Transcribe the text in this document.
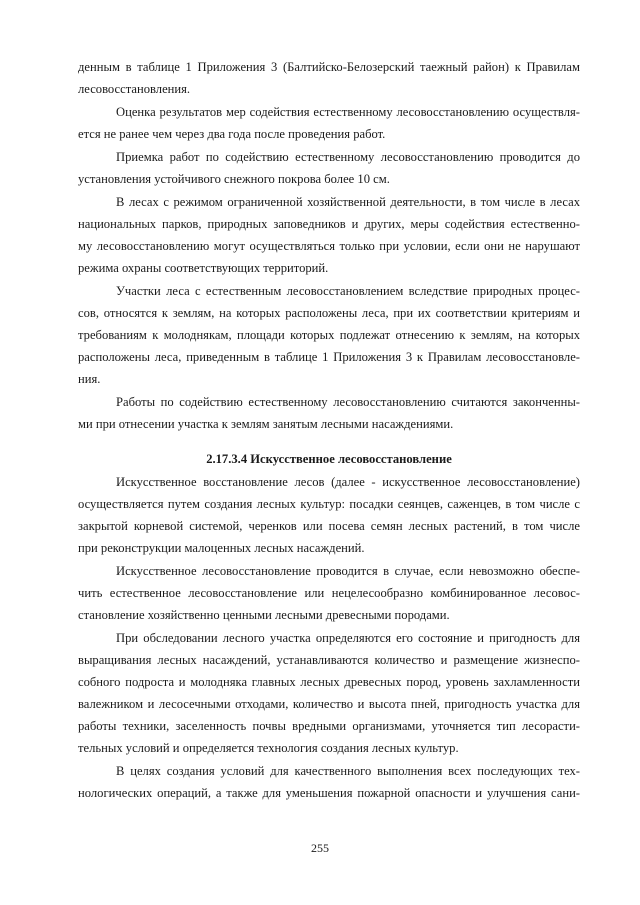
денным в таблице 1 Приложения 3 (Балтийско-Белозерский таежный район) к Правилам
лесовосстановления.
Оценка результатов мер содействия естественному лесовосстановлению осуществля-
ется не ранее чем через два года после проведения работ.
Приемка работ по содействию естественному лесовосстановлению проводится до
установления устойчивого снежного покрова более 10 см.
В лесах с режимом ограниченной хозяйственной деятельности, в том числе в лесах
национальных парков, природных заповедников и других, меры содействия естественно-
му лесовосстановлению могут осуществляться только при условии, если они не нарушают
режима охраны соответствующих территорий.
Участки леса с естественным лесовосстановлением вследствие природных процес-
сов, относятся к землям, на которых расположены леса, при их соответствии критериям и
требованиям к молоднякам, площади которых подлежат отнесению к землям, на которых
расположены леса, приведенным в таблице 1 Приложения 3 к Правилам лесовосстановле-
ния.
Работы по содействию естественному лесовосстановлению считаются законченны-
ми при отнесении участка к землям занятым лесными насаждениями.
2.17.3.4 Искусственное лесовосстановление
Искусственное восстановление лесов (далее - искусственное лесовосстановление)
осуществляется путем создания лесных культур: посадки сеянцев, саженцев, в том числе с
закрытой корневой системой, черенков или посева семян лесных растений, в том числе
при реконструкции малоценных лесных насаждений.
Искусственное лесовосстановление проводится в случае, если невозможно обеспе-
чить естественное лесовосстановление или нецелесообразно комбинированное лесовос-
становление хозяйственно ценными лесными древесными породами.
При обследовании лесного участка определяются его состояние и пригодность для
выращивания лесных насаждений, устанавливаются количество и размещение жизнеспо-
собного подроста и молодняка главных лесных древесных пород, уровень захламленности
валежником и лесосечными отходами, количество и высота пней, пригодность участка для
работы техники, заселенность почвы вредными организмами, уточняется тип лесорасти-
тельных условий и определяется технология создания лесных культур.
В целях создания условий для качественного выполнения всех последующих тех-
нологических операций, а также для уменьшения пожарной опасности и улучшения сани-
255
